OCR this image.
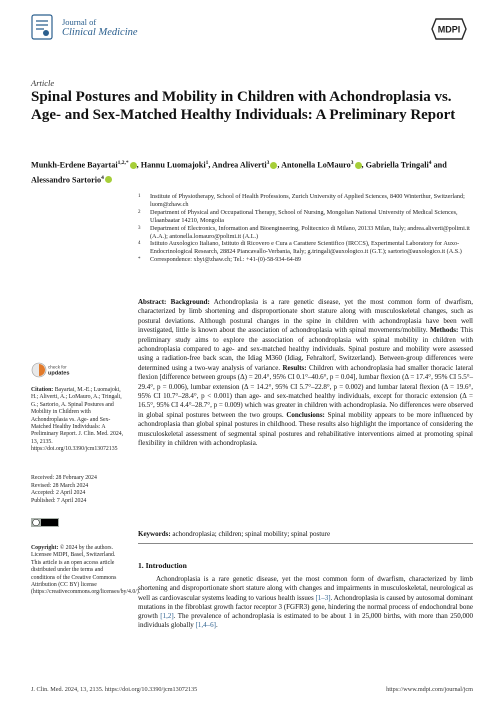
Journal of
Clinical Medicine	MDPI
Article
Spinal Postures and Mobility in Children with Achondroplasia vs. Age- and Sex-Matched Healthy Individuals: A Preliminary Report
Munkh-Erdene Bayartai$^{1,2,*}$ , Hannu Luomajoki$^1$, Andrea Aliverti$^3$ , Antonella LoMauro$^3$ , Gabriella Tringali$^4$ and Alessandro Sartorio$^4$
1	Institute of Physiotherapy, School of Health Professions, Zurich University of Applied Sciences, 8400 Winterthur, Switzerland; luom@zhaw.ch
2	Department of Physical and Occupational Therapy, School of Nursing, Mongolian National University of Medical Sciences, Ulaanbaatar 14210, Mongolia
3	Department of Electronics, Information and Bioengineering, Politecnico di Milano, 20133 Milan, Italy; andrea.aliverti@polimi.it (A.A.); antonella.lomauro@polimi.it (A.L.)
4	Istituto Auxologico Italiano, Istituto di Ricovero e Cura a Carattere Scientifico (IRCCS), Experimental Laboratory for Auxo-Endocrinological Research, 28824 Piancavallo-Verbania, Italy; g.tringali@auxologico.it (G.T.); sartorio@auxologico.it (A.S.)
*	Correspondence: xbyi@zhaw.ch; Tel.: +41-(0)-58-934-64-89
check for
updates
Citation: Bayartai, M.-E.; Luomajoki, H.; Aliverti, A.; LoMauro, A.; Tringali, G.; Sartorio, A. Spinal Postures and Mobility in Children with Achondroplasia vs. Age- and Sex-Matched Healthy Individuals: A Preliminary Report. J. Clin. Med. 2024, 13, 2135. https://doi.org/10.3390/jcm13072135
Received: 28 February 2024
Revised: 28 March 2024
Accepted: 2 April 2024
Published: 7 April 2024
Copyright: © 2024 by the authors. Licensee MDPI, Basel, Switzerland. This article is an open access article distributed under the terms and conditions of the Creative Commons Attribution (CC BY) license (https://creativecommons.org/licenses/by/4.0/).
Abstract: Background: Achondroplasia is a rare genetic disease, yet the most common form of dwarfism, characterized by limb shortening and disproportionate short stature along with musculoskeletal changes, such as postural deviations. Although postural changes in the spine in children with achondroplasia have been well investigated, little is known about the association of achondroplasia with spinal movements/mobility. Methods: This preliminary study aims to explore the association of achondroplasia with spinal mobility in children with achondroplasia compared to age- and sex-matched healthy individuals. Spinal posture and mobility were assessed using a radiation-free back scan, the Idiag M360 (Idiag, Fehraltorf, Switzerland). Between-group differences were determined using a two-way analysis of variance. Results: Children with achondroplasia had smaller thoracic lateral flexion [difference between groups (Δ) = 20.4°, 95% CI 0.1°–40.6°, p = 0.04], lumbar flexion (Δ = 17.4°, 95% CI 5.5°–29.4°, p = 0.006), lumbar extension (Δ = 14.2°, 95% CI 5.7°–22.8°, p = 0.002) and lumbar lateral flexion (Δ = 19.6°, 95% CI 10.7°–28.4°, p < 0.001) than age- and sex-matched healthy individuals, except for thoracic extension (Δ = 16.5°, 95% CI 4.4°–28.7°, p = 0.009) which was greater in children with achondroplasia. No differences were observed in global spinal postures between the two groups. Conclusions: Spinal mobility appears to be more influenced by achondroplasia than global spinal postures in childhood. These results also highlight the importance of considering the musculoskeletal assessment of segmental spinal postures and rehabilitative interventions aimed at promoting spinal flexibility in children with achondroplasia.
Keywords: achondroplasia; children; spinal mobility; spinal posture
1. Introduction
Achondroplasia is a rare genetic disease, yet the most common form of dwarfism, characterized by limb shortening and disproportionate short stature along with changes and impairments in musculoskeletal, neurological as well as cardiovascular systems leading to various health issues [1–3]. Achondroplasia is caused by autosomal dominant mutations in the fibroblast growth factor receptor 3 (FGFR3) gene, hindering the normal process of endochondral bone growth [1,2]. The prevalence of achondroplasia is estimated to be about 1 in 25,000 births, with more than 250,000 individuals globally [1,4–6].
J. Clin. Med. 2024, 13, 2135. https://doi.org/10.3390/jcm13072135	https://www.mdpi.com/journal/jcm
